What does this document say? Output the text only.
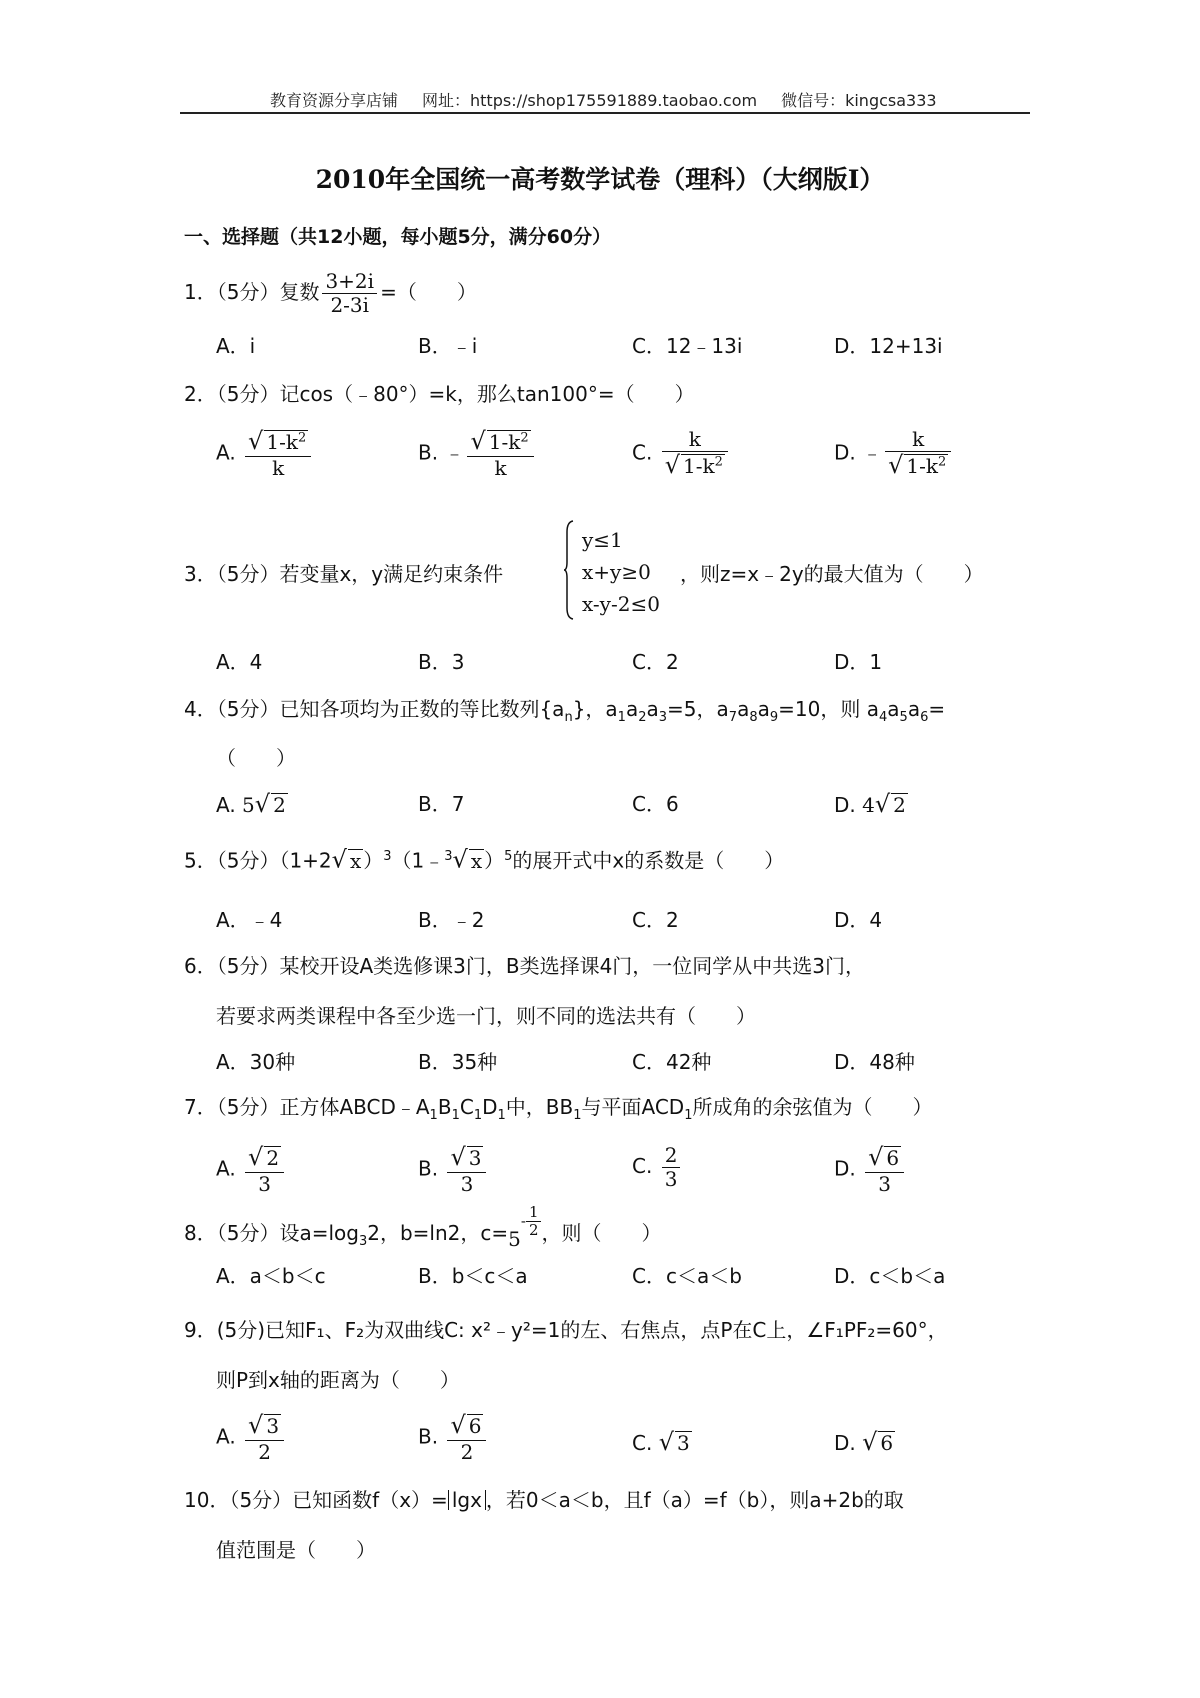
教育资源分享店铺 网址：https://shop175591889.taobao.com 微信号：kingcsa333
2010年全国统一高考数学试卷（理科）（大纲版Ⅰ）
一、选择题（共12小题，每小题5分，满分60分）
1．（5分）复数 $\frac{3+2i}{2-3i}$ =（　　）
A．i	B．﹣i	C．12﹣13i	D．12+13i
2．（5分）记cos（﹣80°）=k，那么tan100°=（　　）
A. $\frac{√ 1-k^2}{k}$	B. ﹣ $\frac{√ 1-k^2}{k}$	C. $\frac{k}{√ 1-k^2}$	D. ﹣ $\frac{k}{√ 1-k^2}$
3．（5分）若变量x，y满足约束条件
y≤1
x+y≥0
x-y-2≤0
，则z=x﹣2y的最大值为（　　）
A．4	B．3	C．2	D．1
4．（5分）已知各项均为正数的等比数列$\{a_n\}$，$a_1a_2a_3=5$，$a_7a_8a_9=10$，则 $a_4a_5a_6=$
（　　）
A. 5√ 2	B．7	C．6	D. 4√ 2
5．（5分）（1+2√ x ）$^3$（1﹣$^3$√ x ）$^5$的展开式中x的系数是（　　）
A．﹣4	B．﹣2	C．2	D．4
6．（5分）某校开设A类选修课3门，B类选择课4门，一位同学从中共选3门，
若要求两类课程中各至少选一门，则不同的选法共有（　　）
A．30种	B．35种	C．42种	D．48种
7．（5分）正方体$ABCD﹣A_1B_1C_1D_1$中，$BB_1$与平面$ACD_1$所成角的余弦值为（　　）
A. $\frac{√ 2}{3}$	B. $\frac{√ 3}{3}$	C. $\frac{2}{3}$	D. $\frac{√ 6}{3}$
8．（5分）设$a=\log_32$，b=ln2，$c=5- \frac{1}{2}$ ，则（　　）
A．a＜b＜c	B．b＜c＜a	C．c＜a＜b	D．c＜b＜a
9．(5分)已知F₁、F₂为双曲线C: x²﹣y²=1的左、右焦点，点P在C上，∠F₁PF₂=60°，
则P到x轴的距离为（　　）
A. $\frac{√ 3}{2}$	B. $\frac{√ 6}{2}$	C. √ 3	D. √ 6
10．（5分）已知函数f（x）= lgx ，若0＜a＜b，且f（a）=f（b），则a+2b的取
值范围是（　　）
